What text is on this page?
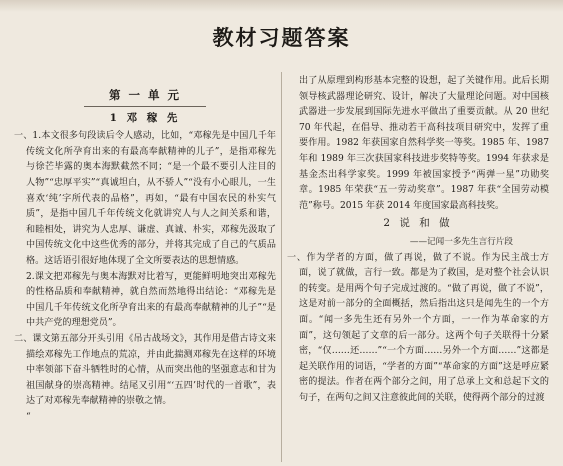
教材习题答案
第 一 单 元
1 邓 稼 先

一、1.本文很多句段读后令人感动，比如，“邓稼先是中国几千年传统文化所孕育出来的有最高奉献精神的儿子”，是指邓稼先与徐芒毕露的奥本海默截然不同；“是一个最不要引人注目的人物”“忠厚平实”“真诚坦白，从不骄人”“没有小心眼儿，一生喜欢‘纯’字所代表的品格”，再如，“最有中国农民的朴实气质”，是指中国几千年传统文化就讲究人与人之间关系和谐，和睦相处，讲究为人忠厚、谦虚、真诚、朴实，邓稼先汲取了中国传统文化中这些优秀的部分，并将其完成了自己的气质品格。这话语引很好地体现了全文所要表达的思想情感。

2.课文把邓稼先与奥本海默对比着写，更能鲜明地突出邓稼先的性格品质和奉献精神，就自然而然地得出结论：“邓稼先是中国几千年传统文化所孕育出来的有最高奉献精神的儿子”“是中共产党的理想党员”。

二、课文第五部分开头引用《吊古战场文》，其作用是借古诗文来描绘邓稼先工作地点的荒凉，并由此揣测邓稼先在这样的环境中率领部下奋斗牺牲时的心情，从而突出他的坚强意志和甘为祖国献身的崇高精神。结尾又引用“‘五四’时代的一首歌”，表达了对邓稼先奉献精神的崇敬之情。

“

出了从原理到构形基本完整的设想，起了关键作用。此后长期领导核武器理论研究、设计，解决了大量理论问题。对中国核武器进一步发展到国际先进水平做出了重要贡献。从 20 世纪 70 年代起，在倡导、推动若干高科技项目研究中，发挥了重要作用。1982 年获国家自然科学奖一等奖。1985 年、1987 年和 1989 年三次获国家科技进步奖特等奖。1994 年获求是基金杰出科学家奖。1999 年被国家授予“两弹一星”功勋奖章。1985 年荣获“五一劳动奖章”。1987 年获“全国劳动模范”称号。2015 年获 2014 年度国家最高科技奖。

2 说 和 做
——记闻一多先生言行片段

一、作为学者的方面，做了再说，做了不说。作为民主战士方面，说了就做，言行一致。都是为了救国，是对整个社会认识的转变。是用两个句子完成过渡的。“做了再说，做了不说”，这是对前一部分的全面概括，然后指出这只是闻先生的一个方面。“闻一多先生还有另外一个方面，一一作为革命家的方面”，这句领起了文章的后一部分。这两个句子关联得十分紧密，“仅……还……”“一个方面……另外一个方面……”这都是起关联作用的词语，“学者的方面”“革命家的方面”这是呼应紧密的提法。作者在两个部分之间，用了总承上文和总起下文的句子，在两句之间又注意彼此间的关联，使得两个部分的过渡
